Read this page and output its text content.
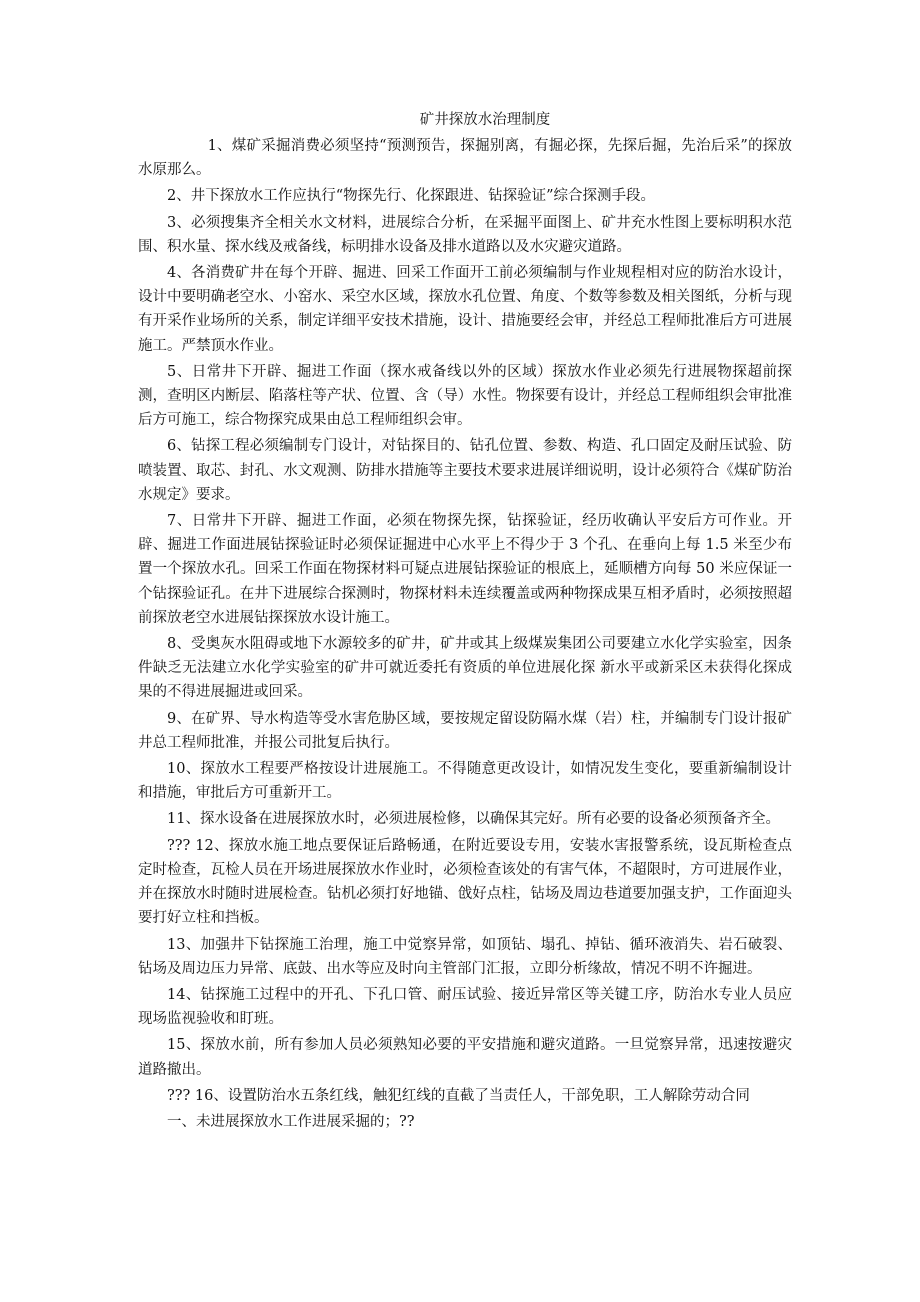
矿井探放水治理制度

1、煤矿采掘消费必须坚持“预测预告，探掘别离，有掘必探，先探后掘，先治后采”的探放水原那么。

2、井下探放水工作应执行“物探先行、化探跟进、钻探验证”综合探测手段。

3、必须搜集齐全相关水文材料，进展综合分析，在采掘平面图上、矿井充水性图上要标明积水范围、积水量、探水线及戒备线，标明排水设备及排水道路以及水灾避灾道路。

4、各消费矿井在每个开辟、掘进、回采工作面开工前必须编制与作业规程相对应的防治水设计，设计中要明确老空水、小窑水、采空水区域，探放水孔位置、角度、个数等参数及相关图纸，分析与现有开采作业场所的关系，制定详细平安技术措施，设计、措施要经会审，并经总工程师批准后方可进展施工。严禁顶水作业。

5、日常井下开辟、掘进工作面（探水戒备线以外的区域）探放水作业必须先行进展物探超前探测，查明区内断层、陷落柱等产状、位置、含（导）水性。物探要有设计，并经总工程师组织会审批准后方可施工，综合物探究成果由总工程师组织会审。

6、钻探工程必须编制专门设计，对钻探目的、钻孔位置、参数、构造、孔口固定及耐压试验、防喷装置、取芯、封孔、水文观测、防排水措施等主要技术要求进展详细说明，设计必须符合《煤矿防治水规定》要求。

7、日常井下开辟、掘进工作面，必须在物探先探，钻探验证，经历收确认平安后方可作业。开辟、掘进工作面进展钻探验证时必须保证掘进中心水平上不得少于 3 个孔、在垂向上每 1.5 米至少布置一个探放水孔。回采工作面在物探材料可疑点进展钻探验证的根底上，延顺槽方向每 50 米应保证一个钻探验证孔。在井下进展综合探测时，物探材料未连续覆盖或两种物探成果互相矛盾时，必须按照超前探放老空水进展钻探探放水设计施工。

8、受奥灰水阻碍或地下水源较多的矿井，矿井或其上级煤炭集团公司要建立水化学实验室，因条件缺乏无法建立水化学实验室的矿井可就近委托有资质的单位进展化探 新水平或新采区未获得化探成果的不得进展掘进或回采。

9、在矿界、导水构造等受水害危胁区域，要按规定留设防隔水煤（岩）柱，并编制专门设计报矿井总工程师批准，并报公司批复后执行。

10、探放水工程要严格按设计进展施工。不得随意更改设计，如情况发生变化，要重新编制设计和措施，审批后方可重新开工。

11、探水设备在进展探放水时，必须进展检修，以确保其完好。所有必要的设备必须预备齐全。

??? 12、探放水施工地点要保证后路畅通，在附近要设专用，安装水害报警系统，设瓦斯检查点定时检查，瓦检人员在开场进展探放水作业时，必须检查该处的有害气体，不超限时，方可进展作业，并在探放水时随时进展检查。钻机必须打好地锚、戗好点柱，钻场及周边巷道要加强支护，工作面迎头要打好立柱和挡板。

13、加强井下钻探施工治理，施工中觉察异常，如顶钻、塌孔、掉钻、循环液消失、岩石破裂、钻场及周边压力异常、底鼓、出水等应及时向主管部门汇报，立即分析缘故，情况不明不许掘进。

14、钻探施工过程中的开孔、下孔口管、耐压试验、接近异常区等关键工序，防治水专业人员应现场监视验收和盯班。

15、探放水前，所有参加人员必须熟知必要的平安措施和避灾道路。一旦觉察异常，迅速按避灾道路撤出。

??? 16、设置防治水五条红线，触犯红线的直截了当责任人，干部免职，工人解除劳动合同

一、未进展探放水工作进展采掘的；??
